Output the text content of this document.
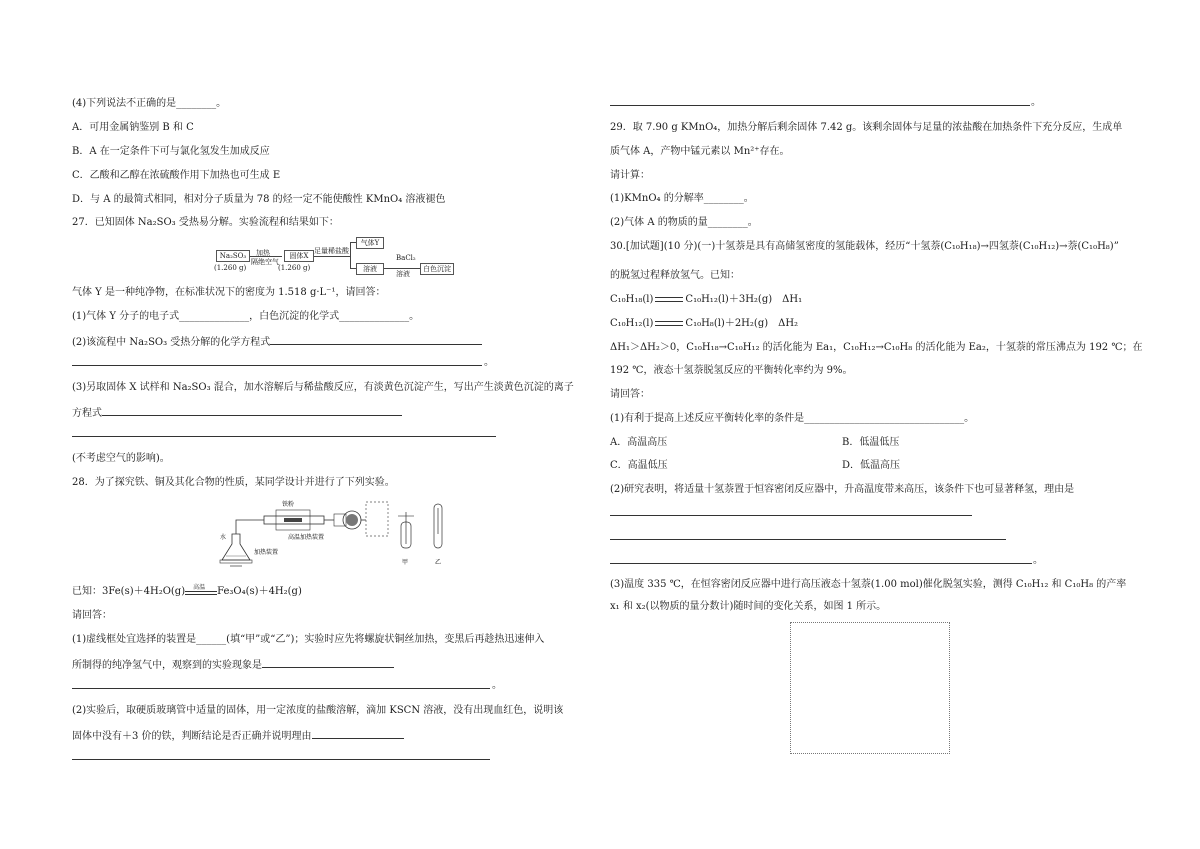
(4)下列说法不正确的是________。
A．可用金属钠鉴别 B 和 C
B．A 在一定条件下可与氯化氢发生加成反应
C．乙酸和乙醇在浓硫酸作用下加热也可生成 E
D．与 A 的最简式相同，相对分子质量为 78 的烃一定不能使酸性 KMnO₄ 溶液褪色
27．已知固体 Na₂SO₃ 受热易分解。实验流程和结果如下：
Na₂SO₃
(1.260 g)
加热
隔绝空气
固体X
(1.260 g)
足量稀盐酸
气体Y
溶液
BaCl₂
溶液
白色沉淀
气体 Y 是一种纯净物，在标准状况下的密度为 1.518 g·L⁻¹，请回答：
(1)气体 Y 分子的电子式______________，白色沉淀的化学式______________。
(2)该流程中 Na₂SO₃ 受热分解的化学方程式
。
(3)另取固体 X 试样和 Na₂SO₃ 混合，加水溶解后与稀盐酸反应，有淡黄色沉淀产生，写出产生淡黄色沉淀的离子
方程式
(不考虑空气的影响)。
28．为了探究铁、铜及其化合物的性质，某同学设计并进行了下列实验。
水
铁粉
高温加热装置
加热装置
甲	乙
已知：3Fe(s)＋4H₂O(g) 高温 Fe₃O₄(s)＋4H₂(g)
请回答：
(1)虚线框处宜选择的装置是______(填“甲”或“乙”)；实验时应先将螺旋状铜丝加热，变黑后再趁热迅速伸入
所制得的纯净氢气中，观察到的实验现象是
。
(2)实验后，取硬质玻璃管中适量的固体，用一定浓度的盐酸溶解，滴加 KSCN 溶液，没有出现血红色，说明该
固体中没有＋3 价的铁，判断结论是否正确并说明理由
。
29．取 7.90 g KMnO₄，加热分解后剩余固体 7.42 g。该剩余固体与足量的浓盐酸在加热条件下充分反应，生成单
质气体 A，产物中锰元素以 Mn²⁺存在。
请计算：
(1)KMnO₄ 的分解率________。
(2)气体 A 的物质的量________。
30.[加试题](10 分)(一)十氢萘是具有高储氢密度的氢能载体，经历“十氢萘(C₁₀H₁₈)→四氢萘(C₁₀H₁₂)→萘(C₁₀H₈)”
的脱氢过程释放氢气。已知：
C₁₀H₁₈(l)	C₁₀H₁₂(l)＋3H₂(g)　ΔH₁
C₁₀H₁₂(l)	C₁₀H₈(l)＋2H₂(g)　ΔH₂
ΔH₁＞ΔH₂＞0，C₁₀H₁₈→C₁₀H₁₂ 的活化能为 Ea₁，C₁₀H₁₂→C₁₀H₈ 的活化能为 Ea₂，十氢萘的常压沸点为 192 ℃；在
192 ℃，液态十氢萘脱氢反应的平衡转化率约为 9%。
请回答：
(1)有利于提高上述反应平衡转化率的条件是________________________________。
A．高温高压	B．低温低压
C．高温低压	D．低温高压
(2)研究表明，将适量十氢萘置于恒容密闭反应器中，升高温度带来高压，该条件下也可显著释氢，理由是
。
(3)温度 335 ℃，在恒容密闭反应器中进行高压液态十氢萘(1.00 mol)催化脱氢实验，测得 C₁₀H₁₂ 和 C₁₀H₈ 的产率
x₁ 和 x₂(以物质的量分数计)随时间的变化关系，如图 1 所示。
